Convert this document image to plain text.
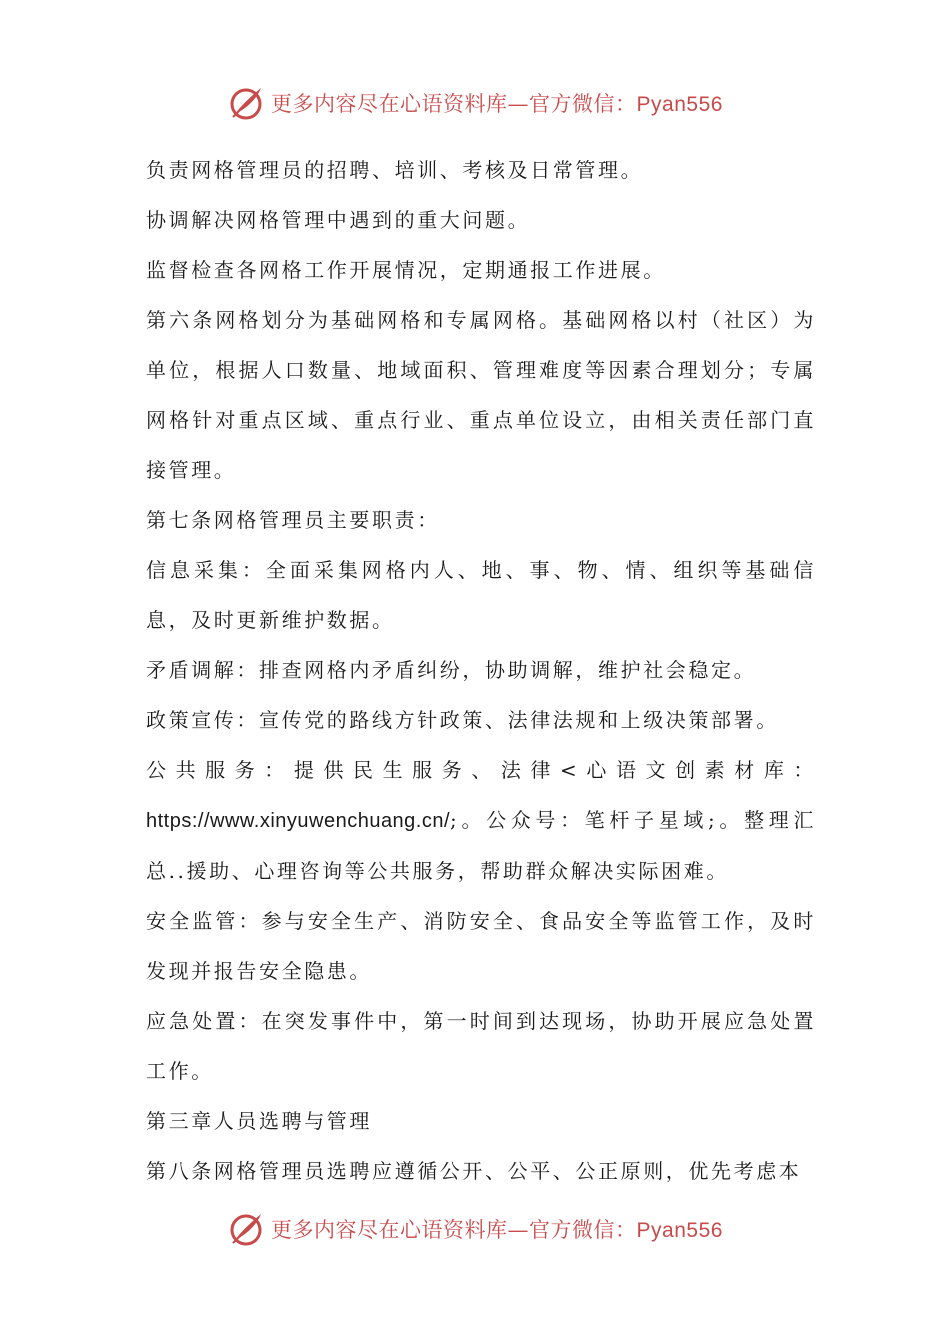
更多内容尽在心语资料库—官方微信：Pyan556

负责网格管理员的招聘、培训、考核及日常管理。

协调解决网格管理中遇到的重大问题。

监督检查各网格工作开展情况，定期通报工作进展。

第六条网格划分为基础网格和专属网格。基础网格以村（社区）为单位，根据人口数量、地域面积、管理难度等因素合理划分；专属网格针对重点区域、重点行业、重点单位设立，由相关责任部门直接管理。

第七条网格管理员主要职责：

信息采集：全面采集网格内人、地、事、物、情、组织等基础信息，及时更新维护数据。

矛盾调解：排查网格内矛盾纠纷，协助调解，维护社会稳定。

政策宣传：宣传党的路线方针政策、法律法规和上级决策部署。

公共服务：提供民生服务、法律<心语文创素材库：https://www.xinyuwenchuang.cn/;。公众号：笔杆子星域;。整理汇总..援助、心理咨询等公共服务，帮助群众解决实际困难。

安全监管：参与安全生产、消防安全、食品安全等监管工作，及时发现并报告安全隐患。

应急处置：在突发事件中，第一时间到达现场，协助开展应急处置工作。

第三章人员选聘与管理

第八条网格管理员选聘应遵循公开、公平、公正原则，优先考虑本

更多内容尽在心语资料库—官方微信：Pyan556
